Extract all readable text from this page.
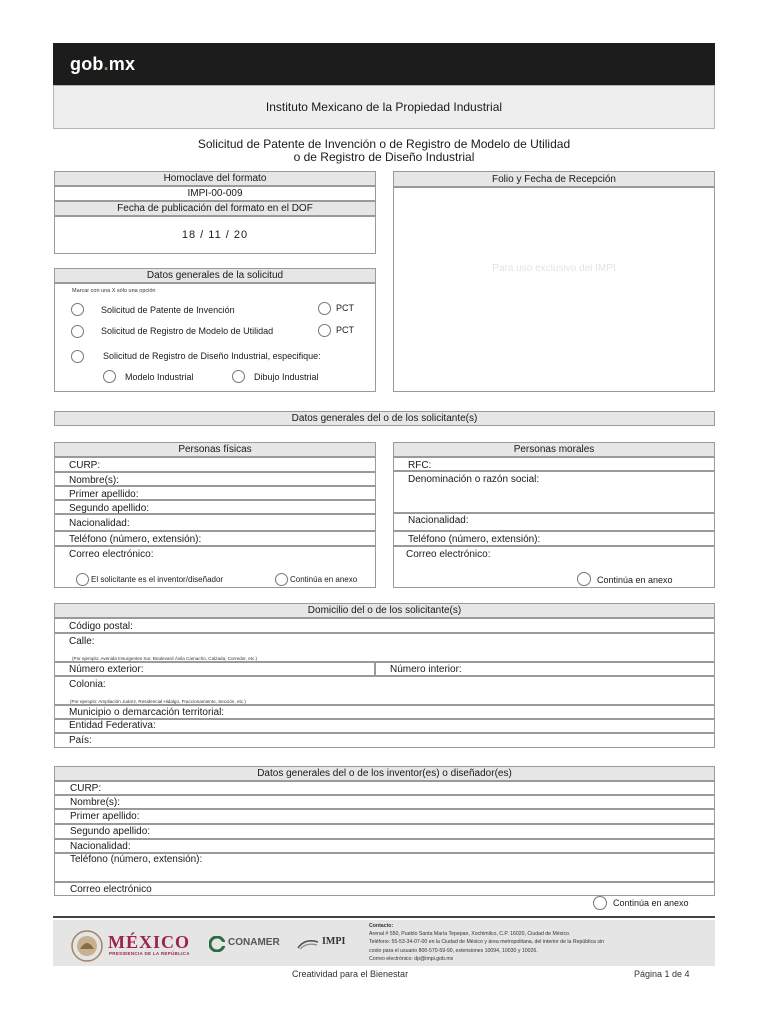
gob.mx
Instituto Mexicano de la Propiedad Industrial
Solicitud de Patente de Invención o de Registro de Modelo de Utilidad
o de Registro de Diseño Industrial
Homoclave del formato
IMPI-00-009
Fecha de publicación del formato en el DOF
18 / 11 / 20
Folio y Fecha de Recepción
Para uso exclusivo del IMPI
Datos generales de la solicitud
Marcar con una X sólo una opción
Solicitud de Patente de Invención	PCT
Solicitud de Registro de Modelo de Utilidad	PCT
Solicitud de Registro de Diseño Industrial, especifique:
Modelo Industrial	Dibujo Industrial
Datos generales del o de los solicitante(s)
Personas físicas
CURP:
Nombre(s):
Primer apellido:
Segundo apellido:
Nacionalidad:
Teléfono (número, extensión):
Correo electrónico:
El solicitante es el inventor/diseñador	Continúa en anexo
Personas morales
RFC:
Denominación o razón social:
Nacionalidad:
Teléfono (número, extensión):
Correo electrónico:
Continúa en anexo
Domicilio del o de los solicitante(s)
Código postal:
Calle:
(Por ejemplo: Avenida Insurgentes Sur, Boulevard Ávila Camacho, Calzada, Corredor, etc.)
Número exterior:	Número interior:
Colonia:
(Por ejemplo: Ampliación Juárez, Residencial Hidalgo, Fraccionamiento, Sección, etc.)
Municipio o demarcación territorial:
Entidad Federativa:
País:
Datos generales del o de los inventor(es) o diseñador(es)
CURP:
Nombre(s):
Primer apellido:
Segundo apellido:
Nacionalidad:
Teléfono (número, extensión):
Correo electrónico
Continúa en anexo
MÉXICO
PRESIDENCIA DE LA REPÚBLICA
CONAMER	IMPI
Contacto:
Arenal # 550, Pueblo Santa María Tepepan, Xochimilco, C.P. 16020, Ciudad de México.
Teléfono: 55-53-34-07-00 en la Ciudad de México y área metropolitana, del interior de la República sin
costo para el usuario 800-570-59-90, extensiones 10094, 10030 y 10026.
Correo electrónico: dp@impi.gob.mx
Creatividad para el Bienestar	Página 1 de 4
